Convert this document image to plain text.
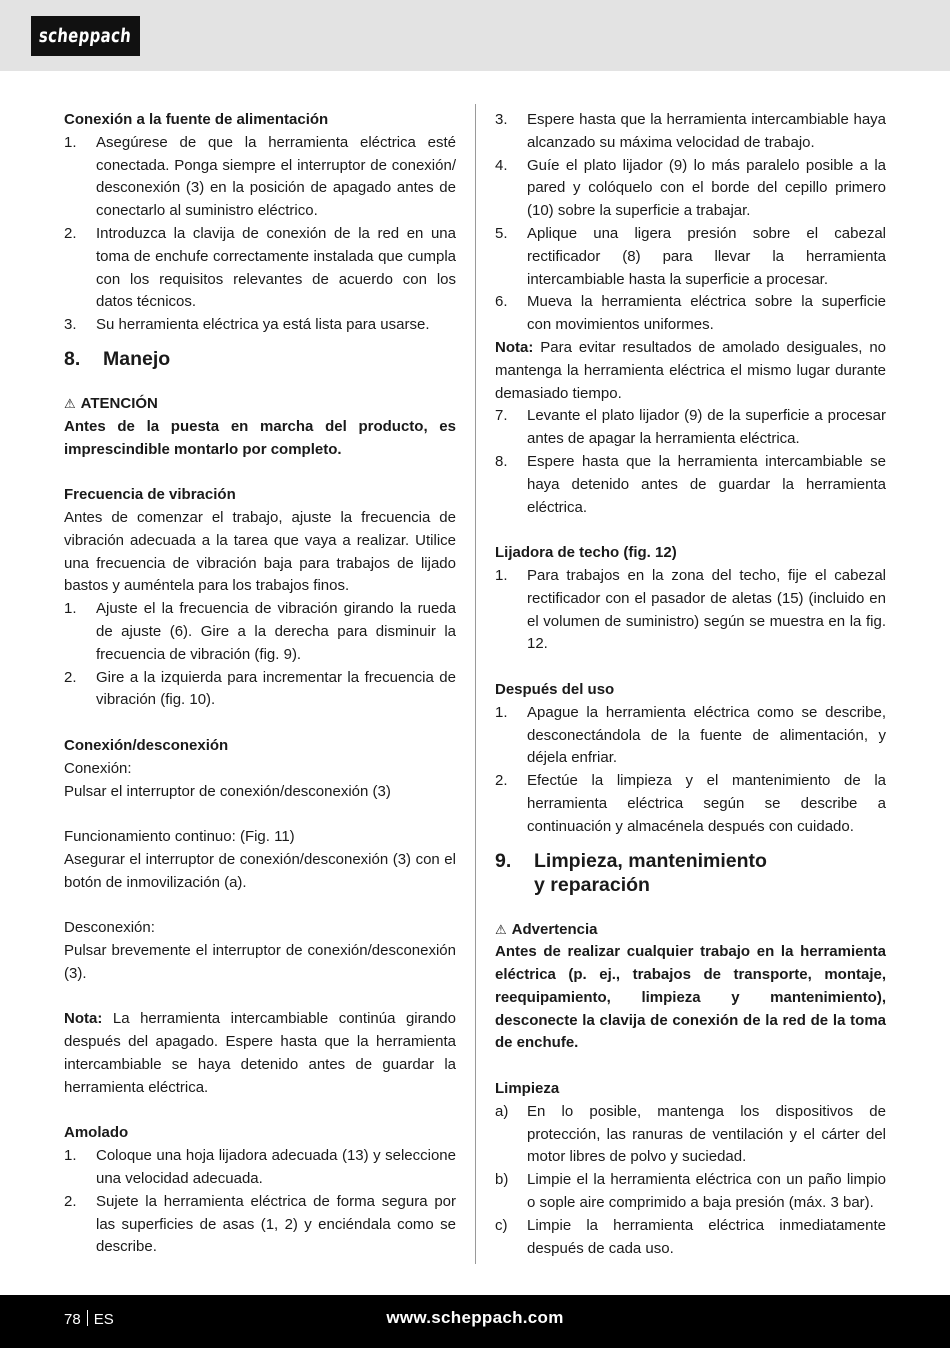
scheppach
Conexión a la fuente de alimentación
1.	Asegúrese de que la herramienta eléctrica esté conectada. Ponga siempre el interruptor de conexión/ desconexión (3) en la posición de apagado antes de conectarlo al suministro eléctrico.
2.	Introduzca la clavija de conexión de la red en una toma de enchufe correctamente instalada que cumpla con los requisitos relevantes de acuerdo con los datos técnicos.
3.	Su herramienta eléctrica ya está lista para usarse.
8.	Manejo
⚠ ATENCIÓN
Antes de la puesta en marcha del producto, es imprescindible montarlo por completo.
Frecuencia de vibración
Antes de comenzar el trabajo, ajuste la frecuencia de vibración adecuada a la tarea que vaya a realizar. Utilice una frecuencia de vibración baja para trabajos de lijado bastos y auméntela para los trabajos finos.
1.	Ajuste el la frecuencia de vibración girando la rueda de ajuste (6). Gire a la derecha para disminuir la frecuencia de vibración (fig. 9).
2.	Gire a la izquierda para incrementar la frecuencia de vibración (fig. 10).
Conexión/desconexión
Conexión:
Pulsar el interruptor de conexión/desconexión (3)
Funcionamiento continuo: (Fig. 11)
Asegurar el interruptor de conexión/desconexión (3) con el botón de inmovilización (a).
Desconexión:
Pulsar brevemente el interruptor de conexión/desconexión (3).
Nota: La herramienta intercambiable continúa girando después del apagado. Espere hasta que la herramienta intercambiable se haya detenido antes de guardar la herramienta eléctrica.
Amolado
1.	Coloque una hoja lijadora adecuada (13) y seleccione una velocidad adecuada.
2.	Sujete la herramienta eléctrica de forma segura por las superficies de asas (1, 2) y enciéndala como se describe.
3.	Espere hasta que la herramienta intercambiable haya alcanzado su máxima velocidad de trabajo.
4.	Guíe el plato lijador (9) lo más paralelo posible a la pared y colóquelo con el borde del cepillo primero (10) sobre la superficie a trabajar.
5.	Aplique una ligera presión sobre el cabezal rectificador (8) para llevar la herramienta intercambiable hasta la superficie a procesar.
6.	Mueva la herramienta eléctrica sobre la superficie con movimientos uniformes.
Nota: Para evitar resultados de amolado desiguales, no mantenga la herramienta eléctrica el mismo lugar durante demasiado tiempo.
7.	Levante el plato lijador (9) de la superficie a procesar antes de apagar la herramienta eléctrica.
8.	Espere hasta que la herramienta intercambiable se haya detenido antes de guardar la herramienta eléctrica.
Lijadora de techo (fig. 12)
1.	Para trabajos en la zona del techo, fije el cabezal rectificador con el pasador de aletas (15) (incluido en el volumen de suministro) según se muestra en la fig. 12.
Después del uso
1.	Apague la herramienta eléctrica como se describe, desconectándola de la fuente de alimentación, y déjela enfriar.
2.	Efectúe la limpieza y el mantenimiento de la herramienta eléctrica según se describe a continuación y almacénela después con cuidado.
9.	Limpieza, mantenimiento
y reparación
⚠ Advertencia
Antes de realizar cualquier trabajo en la herramienta eléctrica (p. ej., trabajos de transporte, montaje, reequipamiento, limpieza y mantenimiento), desconecte la clavija de conexión de la red de la toma de enchufe.
Limpieza
a)	En lo posible, mantenga los dispositivos de protección, las ranuras de ventilación y el cárter del motor libres de polvo y suciedad.
b)	Limpie el la herramienta eléctrica con un paño limpio o sople aire comprimido a baja presión (máx. 3 bar).
c)	Limpie la herramienta eléctrica inmediatamente después de cada uso.
78 ES	www.scheppach.com
